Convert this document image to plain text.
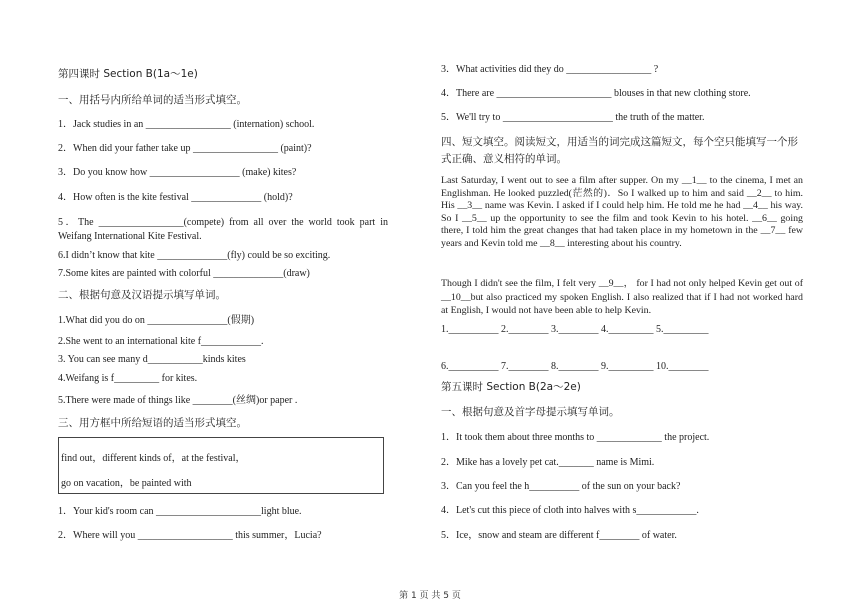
第四课时 Section B(1a～1e)
一、用括号内所给单词的适当形式填空。
1．Jack studies in an _________________ (internation) school.
2．When did your father take up _________________ (paint)?
3．Do you know how __________________ (make) kites?
4．How often is the kite festival ______________ (hold)?
5．The _________________(compete) from all over the world took part in Weifang International Kite Festival.
6.I didn’t know that kite ______________(fly) could be so exciting.
7.Some kites are painted with colorful ______________(draw)
二、根据句意及汉语提示填写单词。
1.What did you do on ________________(假期)
2.She went to an international kite f____________.
3. You can see many d___________kinds kites
4.Weifang is f_________ for kites.
5.There were made of things like ________(丝绸)or paper .
三、用方框中所给短语的适当形式填空。
find out，different kinds of，at the festival，
go on vacation，be painted with
1．Your kid's room can _____________________light blue.
2．Where will you ___________________ this summer，Lucia?
3．What activities did they do _________________ ?
4．There are _______________________ blouses in that new clothing store.
5．We'll try to ______________________ the truth of the matter.
四、短文填空。阅读短文，用适当的词完成这篇短文，每个空只能填写一个形式正确、意义相符的单词。
Last Saturday, I went out to see a film after supper. On my __1__ to the cinema, I met an Englishman. He looked puzzled(茫然的)．So I walked up to him and said __2__ to him. His __3__ name was Kevin. I asked if I could help him. He told me he had __4__ his way. So I __5__ up the opportunity to see the film and took Kevin to his hotel. __6__ going there, I told him the great changes that had taken place in my hometown in the __7__ few years and Kevin told me __8__ interesting about his country.
Though I didn't see the film, I felt very __9__， for I had not only helped Kevin get out of __10__but also practiced my spoken English. I also realized that if I had not worked hard at English, I would not have been able to help Kevin.
1.__________ 2.________ 3.________ 4._________ 5._________
6.__________ 7.________ 8.________ 9._________ 10.________
第五课时 Section B(2a～2e)
一、根据句意及首字母提示填写单词。
1．It took them about three months to _____________ the project.
2．Mike has a lovely pet cat._______ name is Mimi.
3．Can you feel the h__________ of the sun on your back?
4．Let's cut this piece of cloth into halves with s____________.
5．Ice，snow and steam are different f________ of water.
第 1 页 共 5 页
